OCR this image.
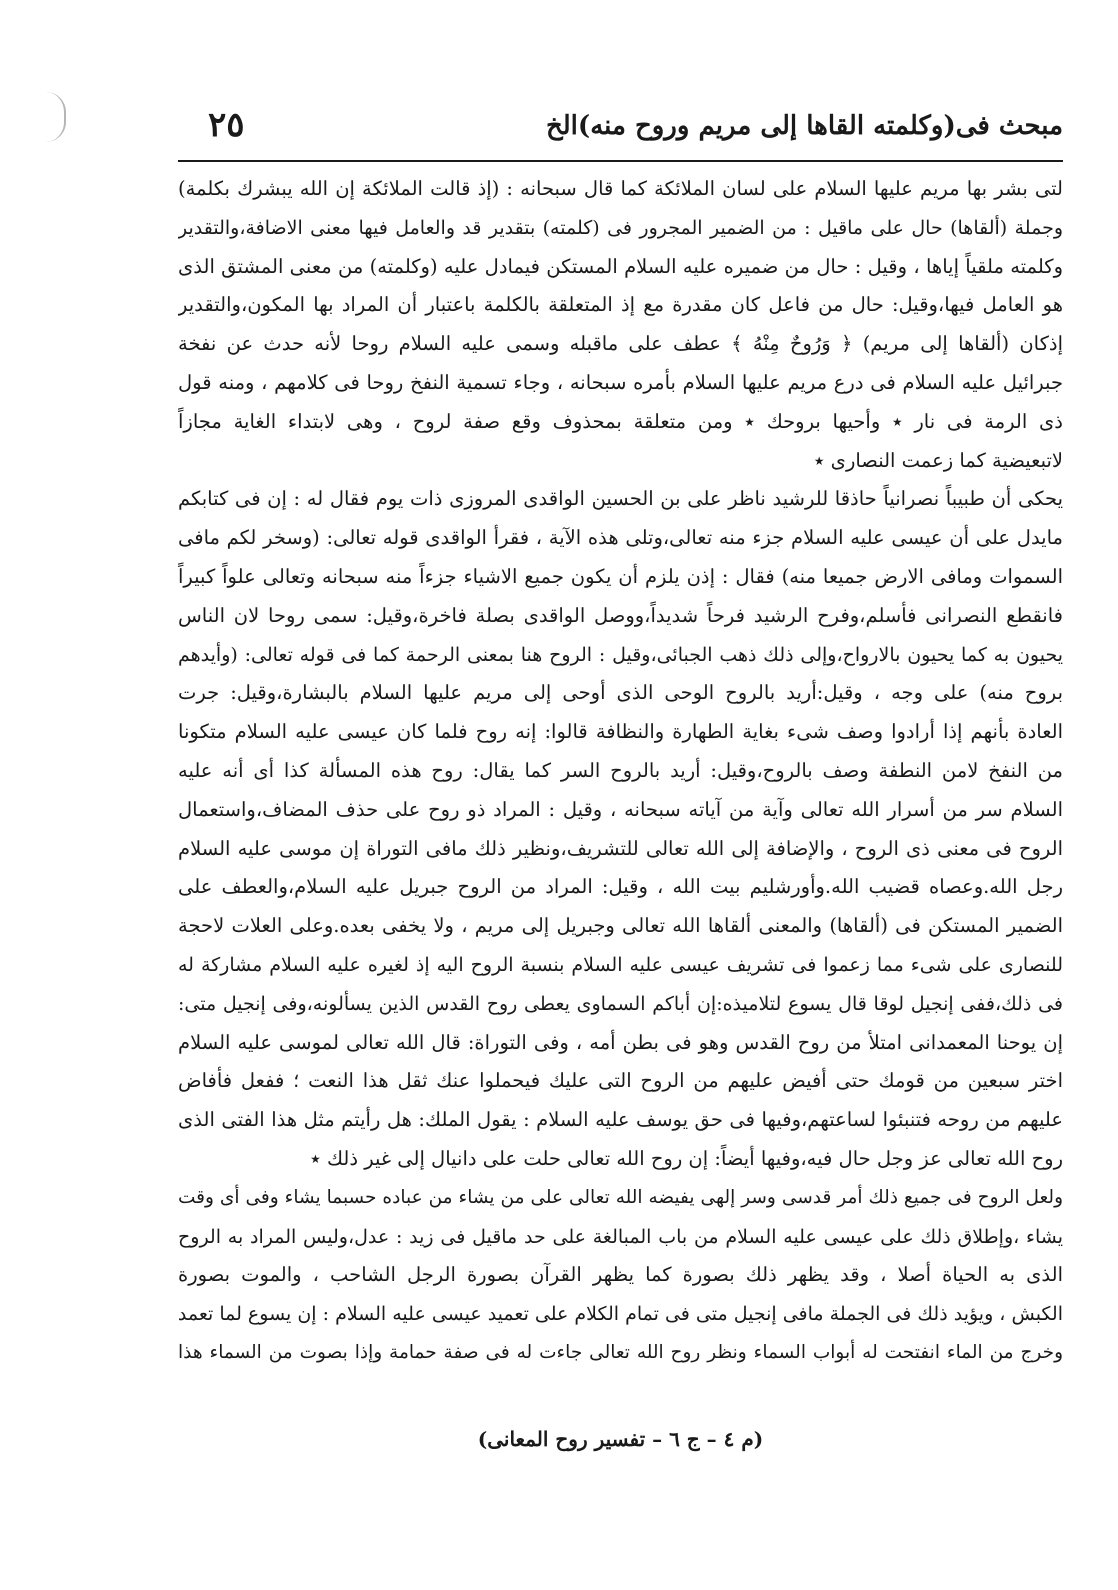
مبحث فى(وكلمته القاها إلى مريم وروح منه)الخ
٢٥
لتى بشر بها مريم عليها السلام على لسان الملائكة كما قال سبحانه : (إذ قالت الملائكة إن الله يبشرك بكلمة)
وجملة (ألقاها) حال على ماقيل : من الضمير المجرور فى (كلمته) بتقدير قد والعامل فيها معنى الاضافة،والتقدير
وكلمته ملقياً إياها ، وقيل : حال من ضميره عليه السلام المستكن فيمادل عليه (وكلمته) من معنى المشتق الذى
هو العامل فيها،وقيل: حال من فاعل كان مقدرة مع إذ المتعلقة بالكلمة باعتبار أن المراد بها المكون،والتقدير
إذكان (ألقاها إلى مريم) ﴿ وَرُوحٌ مِنْهُ ﴾ عطف على ماقبله وسمى عليه السلام روحا لأنه حدث عن نفخة
جبرائيل عليه السلام فى درع مريم عليها السلام بأمره سبحانه ، وجاء تسمية النفخ روحا فى كلامهم ، ومنه قول
ذى الرمة فى نار ٭ وأحيها بروحك ٭ ومن متعلقة بمحذوف وقع صفة لروح ، وهى لابتداء الغاية مجازاً
لاتبعيضية كما زعمت النصارى ٭
يحكى أن طبيباً نصرانياً حاذقا للرشيد ناظر على بن الحسين الواقدى المروزى ذات يوم فقال له : إن فى كتابكم
مايدل على أن عيسى عليه السلام جزء منه تعالى،وتلى هذه الآية ، فقرأ الواقدى قوله تعالى: (وسخر لكم مافى
السموات ومافى الارض جميعا منه) فقال : إذن يلزم أن يكون جميع الاشياء جزءاً منه سبحانه وتعالى علواً كبيراً
فانقطع النصرانى فأسلم،وفرح الرشيد فرحاً شديداً،ووصل الواقدى بصلة فاخرة،وقيل: سمى روحا لان الناس
يحيون به كما يحيون بالارواح،وإلى ذلك ذهب الجبائى،وقيل : الروح هنا بمعنى الرحمة كما فى قوله تعالى: (وأيدهم
بروح منه) على وجه ، وقيل:أريد بالروح الوحى الذى أوحى إلى مريم عليها السلام بالبشارة،وقيل: جرت
العادة بأنهم إذا أرادوا وصف شىء بغاية الطهارة والنظافة قالوا: إنه روح فلما كان عيسى عليه السلام متكونا
من النفخ لامن النطفة وصف بالروح،وقيل: أريد بالروح السر كما يقال: روح هذه المسألة كذا أى أنه عليه
السلام سر من أسرار الله تعالى وآية من آياته سبحانه ، وقيل : المراد ذو روح على حذف المضاف،واستعمال
الروح فى معنى ذى الروح ، والإضافة إلى الله تعالى للتشريف،ونظير ذلك مافى التوراة إن موسى عليه السلام
رجل الله.وعصاه قضيب الله.وأورشليم بيت الله ، وقيل: المراد من الروح جبريل عليه السلام،والعطف على
الضمير المستكن فى (ألقاها) والمعنى ألقاها الله تعالى وجبريل إلى مريم ، ولا يخفى بعده.وعلى العلات لاحجة
للنصارى على شىء مما زعموا فى تشريف عيسى عليه السلام بنسبة الروح اليه إذ لغيره عليه السلام مشاركة له
فى ذلك،ففى إنجيل لوقا قال يسوع لتلاميذه:إن أباكم السماوى يعطى روح القدس الذين يسألونه،وفى إنجيل متى:
إن يوحنا المعمدانى امتلأ من روح القدس وهو فى بطن أمه ، وفى التوراة: قال الله تعالى لموسى عليه السلام
اختر سبعين من قومك حتى أفيض عليهم من الروح التى عليك فيحملوا عنك ثقل هذا النعت ؛ ففعل فأفاض
عليهم من روحه فتنبئوا لساعتهم،وفيها فى حق يوسف عليه السلام : يقول الملك: هل رأيتم مثل هذا الفتى الذى
روح الله تعالى عز وجل حال فيه،وفيها أيضاً: إن روح الله تعالى حلت على دانيال إلى غير ذلك ٭
ولعل الروح فى جميع ذلك أمر قدسى وسر إلهى يفيضه الله تعالى على من يشاء من عباده حسبما يشاء وفى أى وقت
يشاء ،وإطلاق ذلك على عيسى عليه السلام من باب المبالغة على حد ماقيل فى زيد : عدل،وليس المراد به الروح
الذى به الحياة أصلا ، وقد يظهر ذلك بصورة كما يظهر القرآن بصورة الرجل الشاحب ، والموت بصورة
الكبش ، ويؤيد ذلك فى الجملة مافى إنجيل متى فى تمام الكلام على تعميد عيسى عليه السلام : إن يسوع لما تعمد
وخرج من الماء انفتحت له أبواب السماء ونظر روح الله تعالى جاءت له فى صفة حمامة وإذا بصوت من السماء هذا
(م ٤ – ج ٦ – تفسير روح المعانى)
